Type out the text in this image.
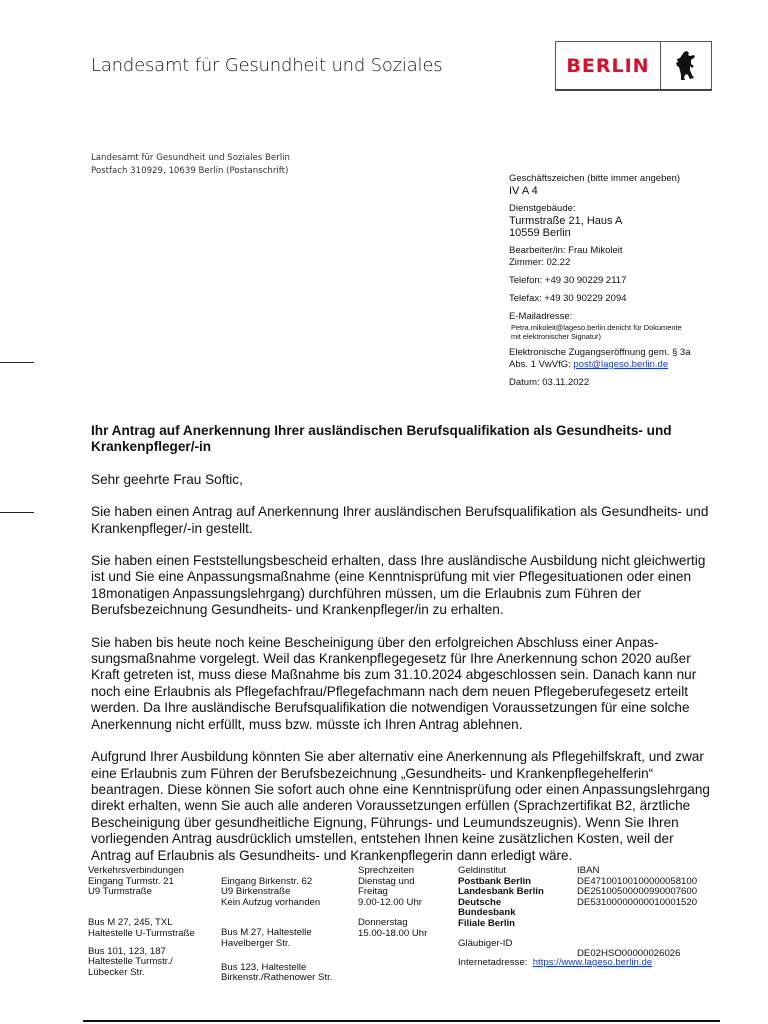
Landesamt für Gesundheit und Soziales	BERLIN
Landesamt für Gesundheit und Soziales Berlin
Postfach 310929, 10639 Berlin (Postanschrift)
Geschäftszeichen (bitte immer angeben)
IV A 4
Dienstgebäude:
Turmstraße 21, Haus A
10559 Berlin
Bearbeiter/in: Frau Mikoleit
Zimmer: 02.22
Telefon: +49 30 90229 2117
Telefax: +49 30 90229 2094
E-Mailadresse:
Petra.mikoleit@lageso.berlin.denicht für Dokumente
mit elektronischer Signatur)
Elektronische Zugangseröffnung gem. § 3a
Abs. 1 VwVfG: post@lageso.berlin.de
Datum: 03.11.2022
Ihr Antrag auf Anerkennung Ihrer ausländischen Berufsqualifikation als Gesundheits- und Krankenpfleger/-in
Sehr geehrte Frau Softic,

Sie haben einen Antrag auf Anerkennung Ihrer ausländischen Berufsqualifikation als Gesundheits- und Krankenpfleger/-in gestellt.

Sie haben einen Feststellungsbescheid erhalten, dass Ihre ausländische Ausbildung nicht gleichwertig ist und Sie eine Anpassungsmaßnahme (eine Kenntnisprüfung mit vier Pflegesituationen oder einen 18monatigen Anpassungslehrgang) durchführen müssen, um die Erlaubnis zum Führen der Berufsbezeichnung Gesundheits- und Krankenpfleger/in zu erhalten.

Sie haben bis heute noch keine Bescheinigung über den erfolgreichen Abschluss einer Anpassungsmaßnahme vorgelegt. Weil das Krankenpflegegesetz für Ihre Anerkennung schon 2020 außer Kraft getreten ist, muss diese Maßnahme bis zum 31.10.2024 abgeschlossen sein. Danach kann nur noch eine Erlaubnis als Pflegefachfrau/Pflegefachmann nach dem neuen Pflegeberufegesetz erteilt werden. Da Ihre ausländische Berufsqualifikation die notwendigen Voraussetzungen für eine solche Anerkennung nicht erfüllt, muss bzw. müsste ich Ihren Antrag ablehnen.

Aufgrund Ihrer Ausbildung könnten Sie aber alternativ eine Anerkennung als Pflegehilfskraft, und zwar eine Erlaubnis zum Führen der Berufsbezeichnung „Gesundheits- und Krankenpflegehelferin“ beantragen. Diese können Sie sofort auch ohne eine Kenntnisprüfung oder einen Anpassungslehrgang direkt erhalten, wenn Sie auch alle anderen Voraussetzungen erfüllen (Sprachzertifikat B2, ärztliche Bescheinigung über gesundheitliche Eignung, Führungs- und Leumundszeugnis). Wenn Sie Ihren vorliegenden Antrag ausdrücklich umstellen, entstehen Ihnen keine zusätzlichen Kosten, weil der Antrag auf Erlaubnis als Gesundheits- und Krankenpflegerin dann erledigt wäre.

Verkehrsverbindungen
Eingang Turmstr. 21
U9 Turmstraße
Bus M 27, 245, TXL
Haltestelle U-Turmstraße
Bus 101, 123, 187
Haltestelle Turmstr./
Lübecker Str.
Eingang Birkenstr. 62
U9 Birkenstraße
Kein Aufzug vorhanden
Bus M 27, Haltestelle
Havelberger Str.
Bus 123, Haltestelle
Birkenstr./Rathenower Str.
Sprechzeiten
Dienstag und
Freitag
9.00-12.00 Uhr
Donnerstag
15.00-18.00 Uhr
Geldinstitut
Postbank Berlin
Landesbank Berlin
Deutsche
Bundesbank
Filiale Berlin
Gläubiger-ID
Internetadresse: https://www.lageso.berlin.de
IBAN
DE47100100100000058100
DE25100500000990007600
DE53100000000010001520
DE02HSO00000026026
